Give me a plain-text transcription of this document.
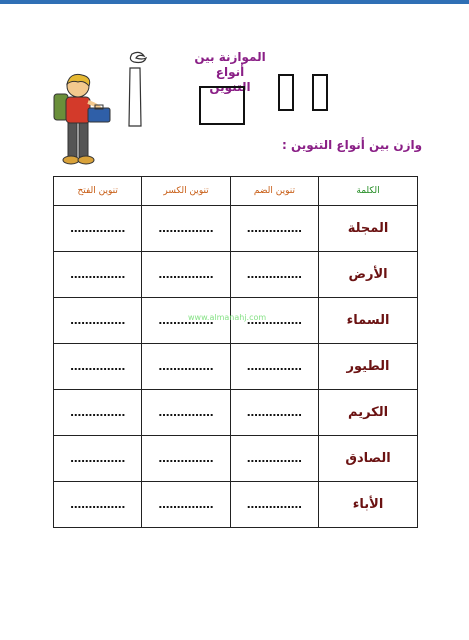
الموازنة بين أنواع
التنوين
وازن بين أنواع التنوين :
الكلمة	تنوين الضم	تنوين الكسر	تنوين الفتح
المجلة	……………	……………	……………
الأرض	……………	……………	……………
السماء	……………	……………	……………
الطيور	……………	……………	……………
الكريم	……………	……………	……………
الصادق	……………	……………	……………
الأباء	……………	……………	……………
www.almanahj.com
